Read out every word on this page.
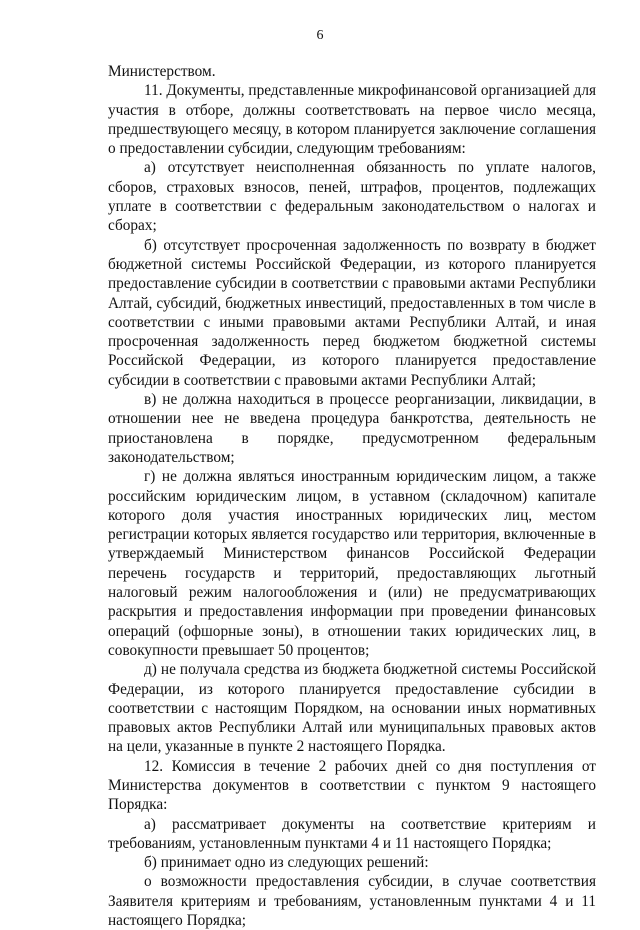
6

Министерством.

11. Документы, представленные микрофинансовой организацией для участия в отборе, должны соответствовать на первое число месяца, предшествующего месяцу, в котором планируется заключение соглашения о предоставлении субсидии, следующим требованиям:

а) отсутствует неисполненная обязанность по уплате налогов, сборов, страховых взносов, пеней, штрафов, процентов, подлежащих уплате в соответствии с федеральным законодательством о налогах и сборах;

б) отсутствует просроченная задолженность по возврату в бюджет бюджетной системы Российской Федерации, из которого планируется предоставление субсидии в соответствии с правовыми актами Республики Алтай, субсидий, бюджетных инвестиций, предоставленных в том числе в соответствии с иными правовыми актами Республики Алтай, и иная просроченная задолженность перед бюджетом бюджетной системы Российской Федерации, из которого планируется предоставление субсидии в соответствии с правовыми актами Республики Алтай;

в) не должна находиться в процессе реорганизации, ликвидации, в отношении нее не введена процедура банкротства, деятельность не приостановлена в порядке, предусмотренном федеральным законодательством;

г) не должна являться иностранным юридическим лицом, а также российским юридическим лицом, в уставном (складочном) капитале которого доля участия иностранных юридических лиц, местом регистрации которых является государство или территория, включенные в утверждаемый Министерством финансов Российской Федерации перечень государств и территорий, предоставляющих льготный налоговый режим налогообложения и (или) не предусматривающих раскрытия и предоставления информации при проведении финансовых операций (офшорные зоны), в отношении таких юридических лиц, в совокупности превышает 50 процентов;

д) не получала средства из бюджета бюджетной системы Российской Федерации, из которого планируется предоставление субсидии в соответствии с настоящим Порядком, на основании иных нормативных правовых актов Республики Алтай или муниципальных правовых актов на цели, указанные в пункте 2 настоящего Порядка.

12. Комиссия в течение 2 рабочих дней со дня поступления от Министерства документов в соответствии с пунктом 9 настоящего Порядка:

а) рассматривает документы на соответствие критериям и требованиям, установленным пунктами 4 и 11 настоящего Порядка;

б) принимает одно из следующих решений:

о возможности предоставления субсидии, в случае соответствия Заявителя критериям и требованиям, установленным пунктами 4 и 11 настоящего Порядка;
